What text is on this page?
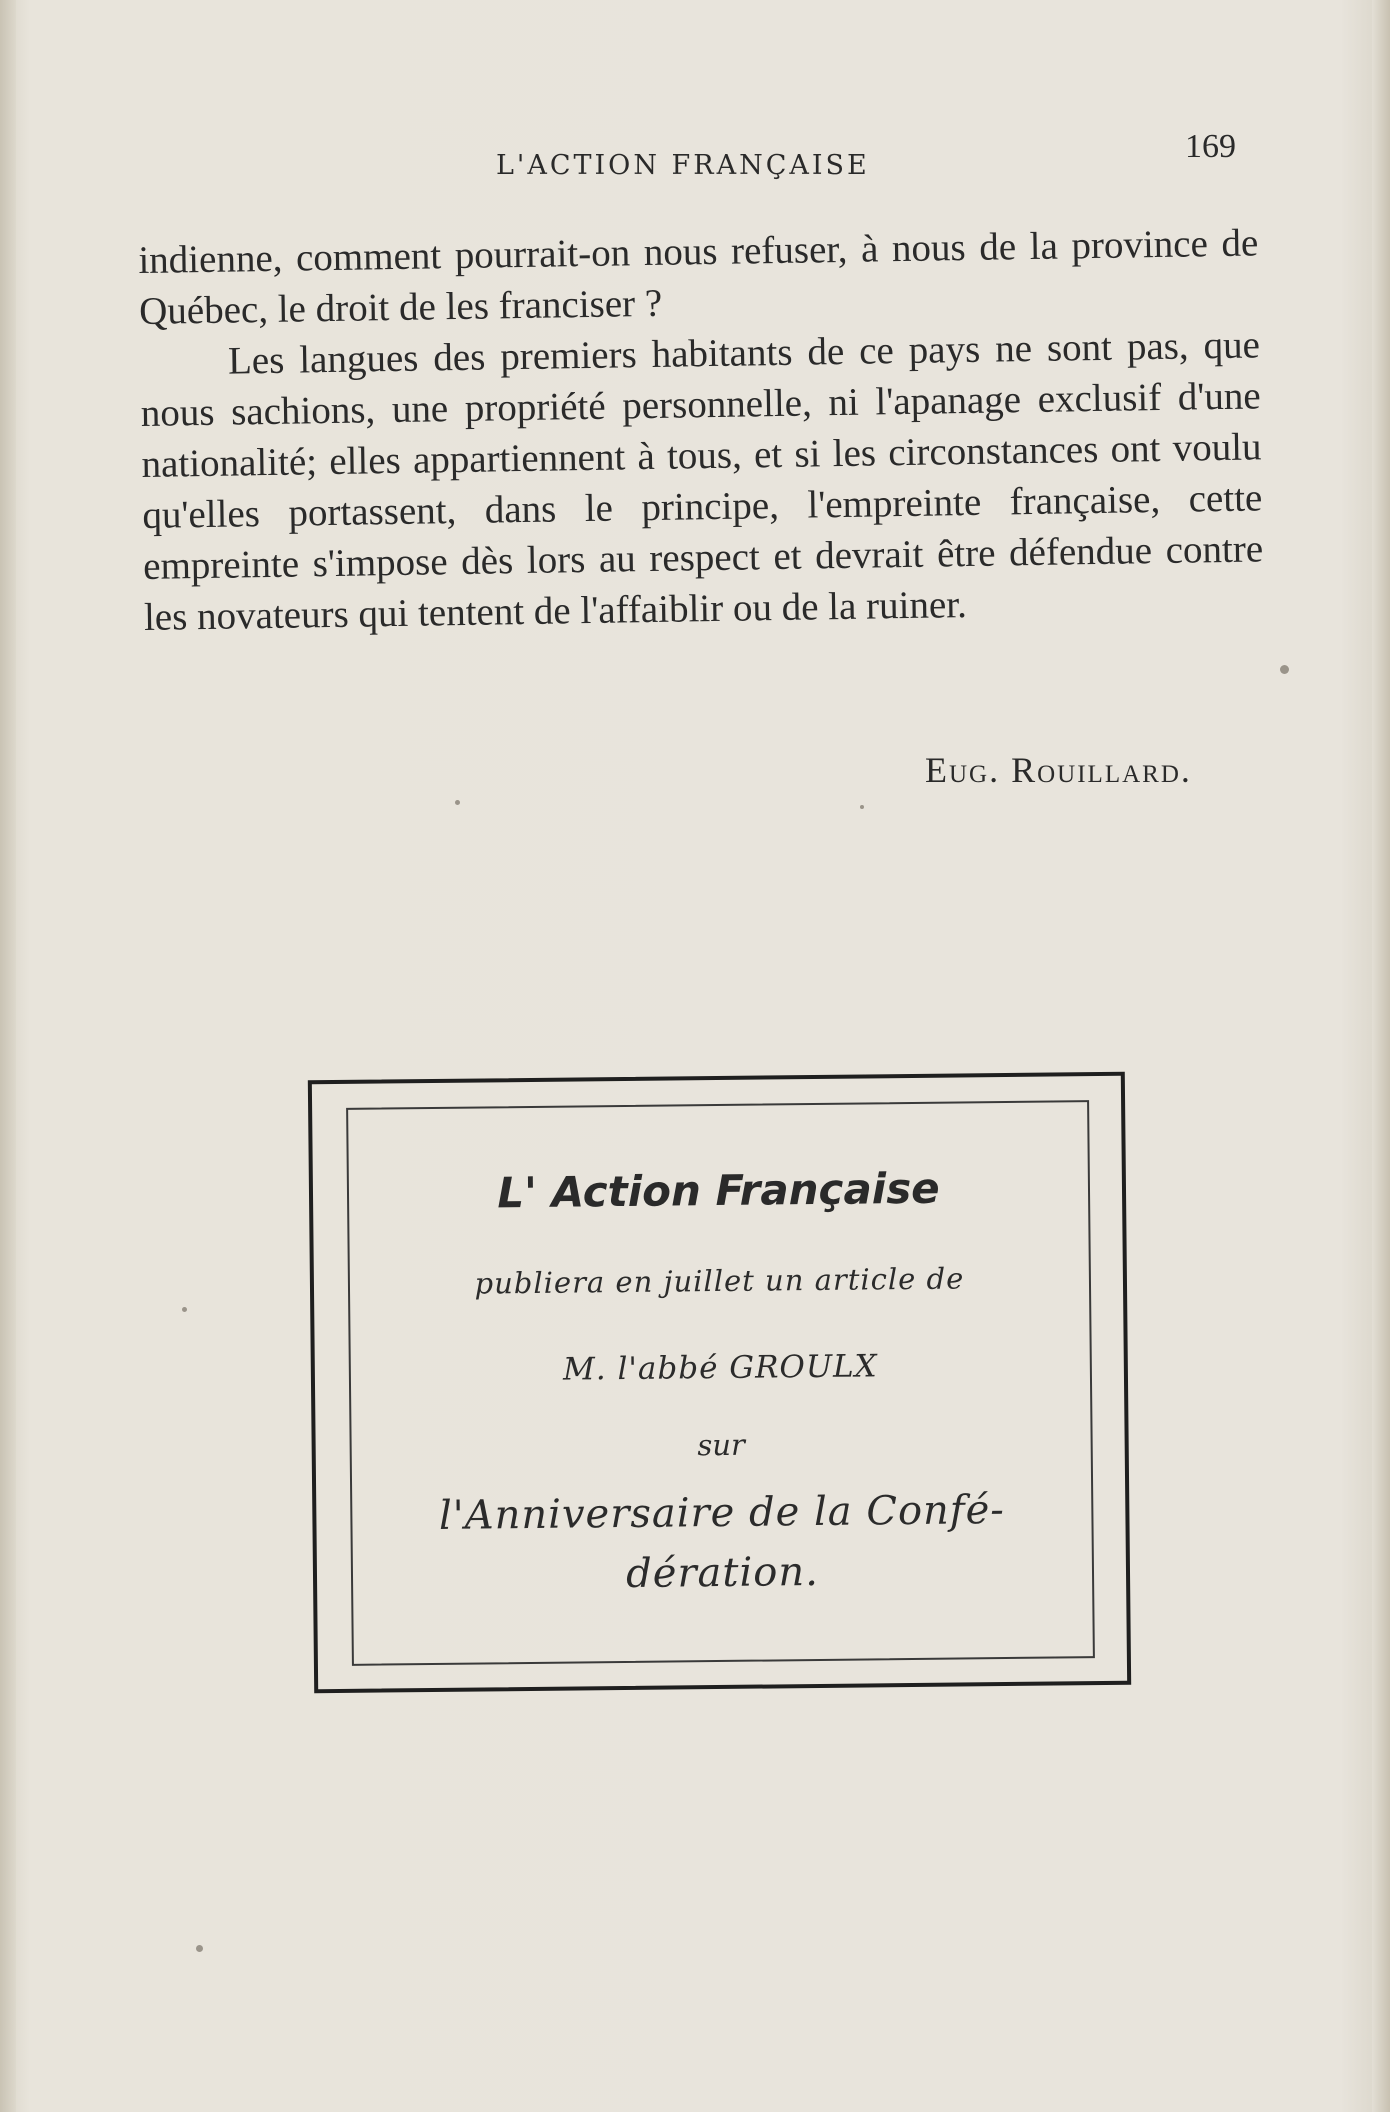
L'ACTION FRANÇAISE
169

indienne, comment pourrait-on nous refuser, à nous de la province de Québec, le droit de les franciser ?

Les langues des premiers habitants de ce pays ne sont pas, que nous sachions, une propriété personnelle, ni l'apanage exclusif d'une nationalité; elles appartiennent à tous, et si les circonstances ont voulu qu'elles portassent, dans le principe, l'empreinte française, cette empreinte s'impose dès lors au respect et devrait être défendue contre les novateurs qui tentent de l'affaiblir ou de la ruiner.

Eug. Rouillard.
L' Action Française
publiera en juillet un article de
M. l'abbé GROULX
sur
l'Anniversaire de la Confé-
dération.
